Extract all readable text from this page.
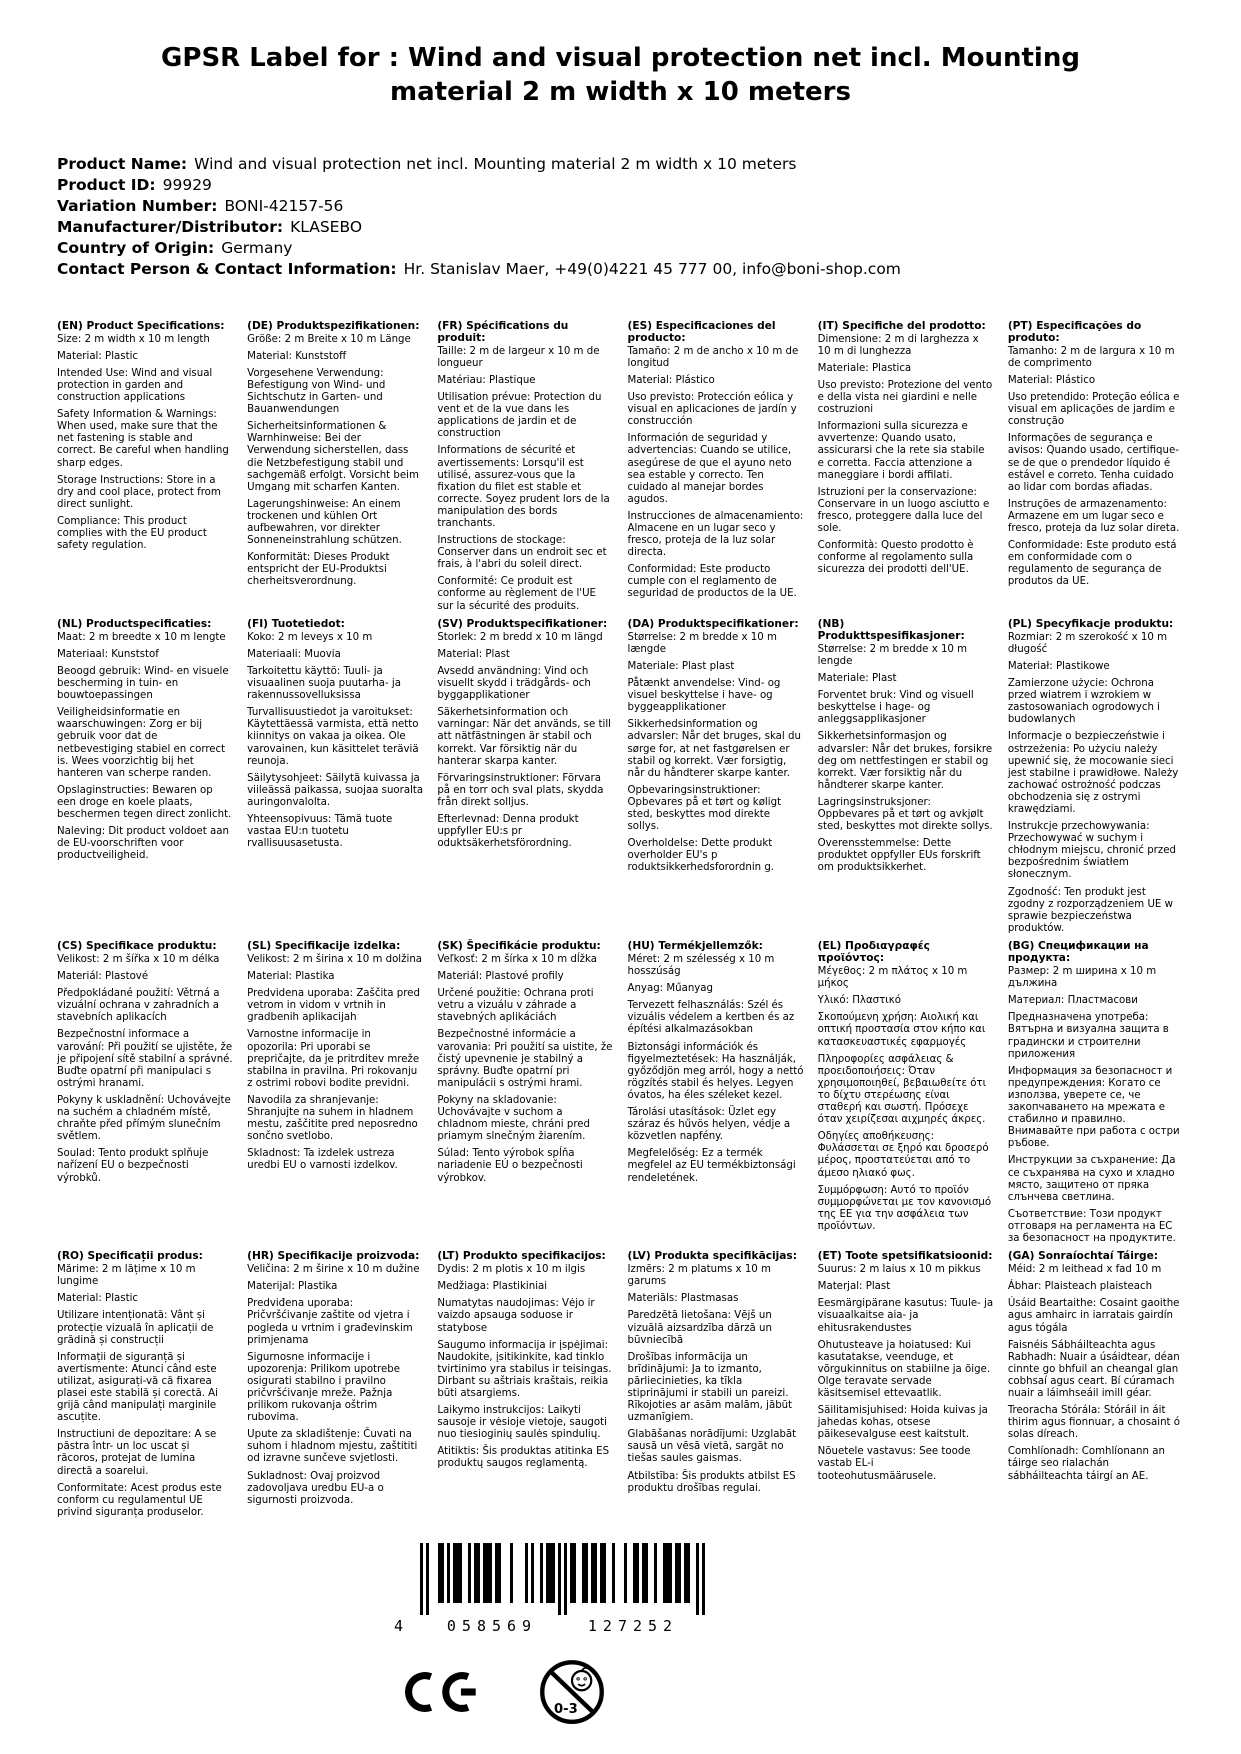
GPSR Label for : Wind and visual protection net incl. Mounting material 2 m width x 10 meters
Product Name: Wind and visual protection net incl. Mounting material 2 m width x 10 meters
Product ID: 99929
Variation Number: BONI-42157-56
Manufacturer/Distributor: KLASEBO
Country of Origin: Germany
Contact Person & Contact Information: Hr. Stanislav Maer, +49(0)4221 45 777 00, info@boni-shop.com
(EN) Product Specifications:
Size: 2 m width x 10 m length
Material: Plastic
Intended Use: Wind and visual protection in garden and construction applications
Safety Information & Warnings: When used, make sure that the net fastening is stable and correct. Be careful when handling sharp edges.
Storage Instructions: Store in a dry and cool place, protect from direct sunlight.
Compliance: This product complies with the EU product safety regulation.
(DE) Produktspezifikationen:
Größe: 2 m Breite x 10 m Länge
Material: Kunststoff
Vorgesehene Verwendung: Befestigung von Wind- und Sichtschutz in Garten- und Bauanwendungen
Sicherheitsinformationen & Warnhinweise: Bei der Verwendung sicherstellen, dass die Netzbefestigung stabil und sachgemäß erfolgt. Vorsicht beim Umgang mit scharfen Kanten.
Lagerungshinweise: An einem trockenen und kühlen Ort aufbewahren, vor direkter Sonneneinstrahlung schützen.
Konformität: Dieses Produkt entspricht der EU-Produktsi cherheitsverordnung.
(FR) Spécifications du produit:
Taille: 2 m de largeur x 10 m de longueur
Matériau: Plastique
Utilisation prévue: Protection du vent et de la vue dans les applications de jardin et de construction
Informations de sécurité et avertissements: Lorsqu'il est utilisé, assurez-vous que la fixation du filet est stable et correcte. Soyez prudent lors de la manipulation des bords tranchants.
Instructions de stockage: Conserver dans un endroit sec et frais, à l'abri du soleil direct.
Conformité: Ce produit est conforme au règlement de l'UE sur la sécurité des produits.
(ES) Especificaciones del producto:
Tamaño: 2 m de ancho x 10 m de longitud
Material: Plástico
Uso previsto: Protección eólica y visual en aplicaciones de jardín y construcción
Información de seguridad y advertencias: Cuando se utilice, asegúrese de que el ayuno neto sea estable y correcto. Ten cuidado al manejar bordes agudos.
Instrucciones de almacenamiento: Almacene en un lugar seco y fresco, proteja de la luz solar directa.
Conformidad: Este producto cumple con el reglamento de seguridad de productos de la UE.
(IT) Specifiche del prodotto:
Dimensione: 2 m di larghezza x 10 m di lunghezza
Materiale: Plastica
Uso previsto: Protezione del vento e della vista nei giardini e nelle costruzioni
Informazioni sulla sicurezza e avvertenze: Quando usato, assicurarsi che la rete sia stabile e corretta. Faccia attenzione a maneggiare i bordi affilati.
Istruzioni per la conservazione: Conservare in un luogo asciutto e fresco, proteggere dalla luce del sole.
Conformità: Questo prodotto è conforme al regolamento sulla sicurezza dei prodotti dell'UE.
(PT) Especificações do produto:
Tamanho: 2 m de largura x 10 m de comprimento
Material: Plástico
Uso pretendido: Proteção eólica e visual em aplicações de jardim e construção
Informações de segurança e avisos: Quando usado, certifique-se de que o prendedor líquido é estável e correto. Tenha cuidado ao lidar com bordas afiadas.
Instruções de armazenamento: Armazene em um lugar seco e fresco, proteja da luz solar direta.
Conformidade: Este produto está em conformidade com o regulamento de segurança de produtos da UE.
(NL) Productspecificaties:
Maat: 2 m breedte x 10 m lengte
Materiaal: Kunststof
Beoogd gebruik: Wind- en visuele bescherming in tuin- en bouwtoepassingen
Veiligheidsinformatie en waarschuwingen: Zorg er bij gebruik voor dat de netbevestiging stabiel en correct is. Wees voorzichtig bij het hanteren van scherpe randen.
Opslaginstructies: Bewaren op een droge en koele plaats, beschermen tegen direct zonlicht.
Naleving: Dit product voldoet aan de EU-voorschriften voor productveiligheid.
(FI) Tuotetiedot:
Koko: 2 m leveys x 10 m
Materiaali: Muovia
Tarkoitettu käyttö: Tuuli- ja visuaalinen suoja puutarha- ja rakennussovelluksissa
Turvallisuustiedot ja varoitukset: Käytettäessä varmista, että netto kiinnitys on vakaa ja oikea. Ole varovainen, kun käsittelet teräviä reunoja.
Säilytysohjeet: Säilytä kuivassa ja viileässä paikassa, suojaa suoralta auringonvalolta.
Yhteensopivuus: Tämä tuote vastaa EU:n tuotetu rvallisuusasetusta.
(SV) Produktspecifikationer:
Storlek: 2 m bredd x 10 m längd
Material: Plast
Avsedd användning: Vind och visuellt skydd i trädgårds- och byggapplikationer
Säkerhetsinformation och varningar: När det används, se till att nätfästningen är stabil och korrekt. Var försiktig när du hanterar skarpa kanter.
Förvaringsinstruktioner: Förvara på en torr och sval plats, skydda från direkt solljus.
Efterlevnad: Denna produkt uppfyller EU:s pr oduktsäkerhetsförordning.
(DA) Produktspecifikationer:
Størrelse: 2 m bredde x 10 m længde
Materiale: Plast plast
Påtænkt anvendelse: Vind- og visuel beskyttelse i have- og byggeapplikationer
Sikkerhedsinformation og advarsler: Når det bruges, skal du sørge for, at net fastgørelsen er stabil og korrekt. Vær forsigtig, når du håndterer skarpe kanter.
Opbevaringsinstruktioner: Opbevares på et tørt og køligt sted, beskyttes mod direkte sollys.
Overholdelse: Dette produkt overholder EU's p roduktsikkerhedsforordnin g.
(NB) Produkttspesifikasjoner:
Størrelse: 2 m bredde x 10 m lengde
Materiale: Plast
Forventet bruk: Vind og visuell beskyttelse i hage- og anleggsapplikasjoner
Sikkerhetsinformasjon og advarsler: Når det brukes, forsikre deg om nettfestingen er stabil og korrekt. Vær forsiktig når du håndterer skarpe kanter.
Lagringsinstruksjoner: Oppbevares på et tørt og avkjølt sted, beskyttes mot direkte sollys.
Overensstemmelse: Dette produktet oppfyller EUs forskrift om produktsikkerhet.
(PL) Specyfikacje produktu:
Rozmiar: 2 m szerokość x 10 m długość
Materiał: Plastikowe
Zamierzone użycie: Ochrona przed wiatrem i wzrokiem w zastosowaniach ogrodowych i budowlanych
Informacje o bezpieczeństwie i ostrzeżenia: Po użyciu należy upewnić się, że mocowanie sieci jest stabilne i prawidłowe. Należy zachować ostrożność podczas obchodzenia się z ostrymi krawędziami.
Instrukcje przechowywania: Przechowywać w suchym i chłodnym miejscu, chronić przed bezpośrednim światłem słonecznym.
Zgodność: Ten produkt jest zgodny z rozporządzeniem UE w sprawie bezpieczeństwa produktów.
(CS) Specifikace produktu:
Velikost: 2 m šířka x 10 m délka
Materiál: Plastové
Předpokládané použití: Větrná a vizuální ochrana v zahradních a stavebních aplikacích
Bezpečnostní informace a varování: Při použití se ujistěte, že je připojení sítě stabilní a správné. Buďte opatrní při manipulaci s ostrými hranami.
Pokyny k uskladnění: Uchovávejte na suchém a chladném místě, chraňte před přímým slunečním světlem.
Soulad: Tento produkt splňuje nařízení EU o bezpečnosti výrobků.
(SL) Specifikacije izdelka:
Velikost: 2 m širina x 10 m dolžina
Material: Plastika
Predvidena uporaba: Zaščita pred vetrom in vidom v vrtnih in gradbenih aplikacijah
Varnostne informacije in opozorila: Pri uporabi se prepričajte, da je pritrditev mreže stabilna in pravilna. Pri rokovanju z ostrimi robovi bodite previdni.
Navodila za shranjevanje: Shranjujte na suhem in hladnem mestu, zaščitite pred neposredno sončno svetlobo.
Skladnost: Ta izdelek ustreza uredbi EU o varnosti izdelkov.
(SK) Špecifikácie produktu:
Veľkosť: 2 m šírka x 10 m dĺžka
Materiál: Plastové profily
Určené použitie: Ochrana proti vetru a vizuálu v záhrade a stavebných aplikáciách
Bezpečnostné informácie a varovania: Pri použití sa uistite, že čistý upevnenie je stabilný a správny. Buďte opatrní pri manipulácii s ostrými hrami.
Pokyny na skladovanie: Uchovávajte v suchom a chladnom mieste, chráni pred priamym slnečným žiarením.
Súlad: Tento výrobok spĺňa nariadenie EÚ o bezpečnosti výrobkov.
(HU) Termékjellemzők:
Méret: 2 m szélesség x 10 m hosszúság
Anyag: Műanyag
Tervezett felhasználás: Szél és vizuális védelem a kertben és az építési alkalmazásokban
Biztonsági információk és figyelmeztetések: Ha használják, győződjön meg arról, hogy a nettó rögzítés stabil és helyes. Legyen óvatos, ha éles széleket kezel.
Tárolási utasítások: Üzlet egy száraz és hűvös helyen, védje a közvetlen napfény.
Megfelelőség: Ez a termék megfelel az EU termékbiztonsági rendeletének.
(EL) Προδιαγραφές προϊόντος:
Μέγεθος: 2 m πλάτος x 10 m μήκος
Υλικό: Πλαστικό
Σκοπούμενη χρήση: Αιολική και οπτική προστασία στον κήπο και κατασκευαστικές εφαρμογές
Πληροφορίες ασφάλειας & προειδοποιήσεις: Όταν χρησιμοποιηθεί, βεβαιωθείτε ότι το δίχτυ στερέωσης είναι σταθερή και σωστή. Πρόσεχε όταν χειρίζεσαι αιχμηρές άκρες.
Οδηγίες αποθήκευσης: Φυλάσσεται σε ξηρό και δροσερό μέρος, προστατεύεται από το άμεσο ηλιακό φως.
Συμμόρφωση: Αυτό το προϊόν συμμορφώνεται με τον κανονισμό της ΕΕ για την ασφάλεια των προϊόντων.
(BG) Спецификации на продукта:
Размер: 2 m ширина x 10 m дължина
Материал: Пластмасови
Предназначена употреба: Вятърна и визуална защита в градински и строителни приложения
Информация за безопасност и предупреждения: Когато се използва, уверете се, че закопчаването на мрежата е стабилно и правилно. Внимавайте при работа с остри ръбове.
Инструкции за съхранение: Да се съхранява на сухо и хладно място, защитено от пряка слънчева светлина.
Съответствие: Този продукт отговаря на регламента на ЕС за безопасност на продуктите.
(RO) Specificații produs:
Mărime: 2 m lățime x 10 m lungime
Material: Plastic
Utilizare intenționată: Vânt și protecție vizuală în aplicații de grădină și construcții
Informații de siguranță și avertismente: Atunci când este utilizat, asigurați-vă că fixarea plasei este stabilă și corectă. Ai grijă când manipulați marginile ascuțite.
Instructiuni de depozitare: A se păstra într- un loc uscat și răcoros, protejat de lumina directă a soarelui.
Conformitate: Acest produs este conform cu regulamentul UE privind siguranța produselor.
(HR) Specifikacije proizvoda:
Veličina: 2 m širine x 10 m dužine
Materijal: Plastika
Predviđena uporaba: Pričvršćivanje zaštite od vjetra i pogleda u vrtnim i građevinskim primjenama
Sigurnosne informacije i upozorenja: Prilikom upotrebe osigurati stabilno i pravilno pričvršćivanje mreže. Pažnja prilikom rukovanja oštrim rubovima.
Upute za skladištenje: Čuvati na suhom i hladnom mjestu, zaštititi od izravne sunčeve svjetlosti.
Sukladnost: Ovaj proizvod zadovoljava uredbu EU-a o sigurnosti proizvoda.
(LT) Produkto specifikacijos:
Dydis: 2 m plotis x 10 m ilgis
Medžiaga: Plastikiniai
Numatytas naudojimas: Vėjo ir vaizdo apsauga soduose ir statybose
Saugumo informacija ir įspėjimai: Naudokite, įsitikinkite, kad tinklo tvirtinimo yra stabilus ir teisingas. Dirbant su aštriais kraštais, reikia būti atsargiems.
Laikymo instrukcijos: Laikyti sausoje ir vėsioje vietoje, saugoti nuo tiesioginių saulės spindulių.
Atitiktis: Šis produktas atitinka ES produktų saugos reglamentą.
(LV) Produkta specifikācijas:
Izmērs: 2 m platums x 10 m garums
Materiāls: Plastmasas
Paredzētā lietošana: Vējš un vizuālā aizsardzība dārzā un būvniecībā
Drošības informācija un brīdinājumi: Ja to izmanto, pārliecinieties, ka tīkla stiprinājumi ir stabili un pareizi. Rīkojoties ar asām malām, jābūt uzmanīgiem.
Glabāšanas norādījumi: Uzglabāt sausā un vēsā vietā, sargāt no tiešas saules gaismas.
Atbilstība: Šis produkts atbilst ES produktu drošības regulai.
(ET) Toote spetsifikatsioonid:
Suurus: 2 m laius x 10 m pikkus
Materjal: Plast
Eesmärgipärane kasutus: Tuule- ja visuaalkaitse aia- ja ehitusrakendustes
Ohutusteave ja hoiatused: Kui kasutatakse, veenduge, et võrgukinnitus on stabiilne ja õige. Olge teravate servade käsitsemisel ettevaatlik.
Säilitamisjuhised: Hoida kuivas ja jahedas kohas, otsese päikesevalguse eest kaitstult.
Nõuetele vastavus: See toode vastab EL-i tooteohutusmäärusele.
(GA) Sonraíochtaí Táirge:
Méid: 2 m leithead x fad 10 m
Ábhar: Plaisteach plaisteach
Úsáid Beartaithe: Cosaint gaoithe agus amhairc in iarratais gairdín agus tógála
Faisnéis Sábháilteachta agus Rabhadh: Nuair a úsáidtear, déan cinnte go bhfuil an cheangal glan cobhsaí agus ceart. Bí cúramach nuair a láimhseáil imill géar.
Treoracha Stórála: Stóráil in áit thirim agus fionnuar, a chosaint ó solas díreach.
Comhlíonadh: Comhlíonann an táirge seo rialachán sábháilteachta táirgí an AE.
4	058569	127252
0-3
